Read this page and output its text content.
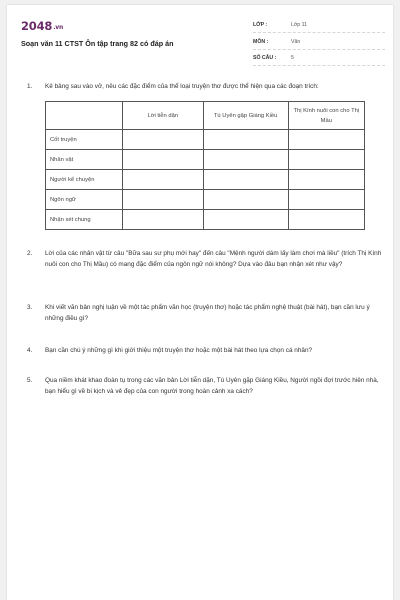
2048.vn
Soạn văn 11 CTST Ôn tập trang 82 có đáp án
LỚP :	Lớp 11
MÔN :	Văn
SỐ CÂU :	5
1. Kẻ bảng sau vào vở, nêu các đặc điểm của thể loại truyện thơ được thể hiện qua các đoạn trích:
	Lời tiễn dặn	Tú Uyên gặp Giáng Kiều	Thị Kính nuôi con cho Thị Mầu
Cốt truyện			
Nhân vật			
Người kể chuyện			
Ngôn ngữ			
Nhận xét chung			
2. Lời của các nhân vật từ câu "Bữa sau sư phụ mới hay" đến câu "Mệnh người dám lấy làm chơi mà liều" (trích Thị Kính nuôi con cho Thị Mầu) có mang đặc điểm của ngôn ngữ nói không? Dựa vào đâu bạn nhận xét như vậy?
3. Khi viết văn bản nghị luận về một tác phẩm văn học (truyện thơ) hoặc tác phẩm nghệ thuật (bài hát), bạn cần lưu ý những điều gì?
4. Bạn cần chú ý những gì khi giới thiệu một truyện thơ hoặc một bài hát theo lựa chọn cá nhân?
5. Qua niềm khát khao đoàn tụ trong các văn bản Lời tiễn dặn, Tú Uyên gặp Giáng Kiều, Người ngồi đợi trước hiên nhà, bạn hiểu gì về bi kịch và vẻ đẹp của con người trong hoàn cảnh xa cách?
